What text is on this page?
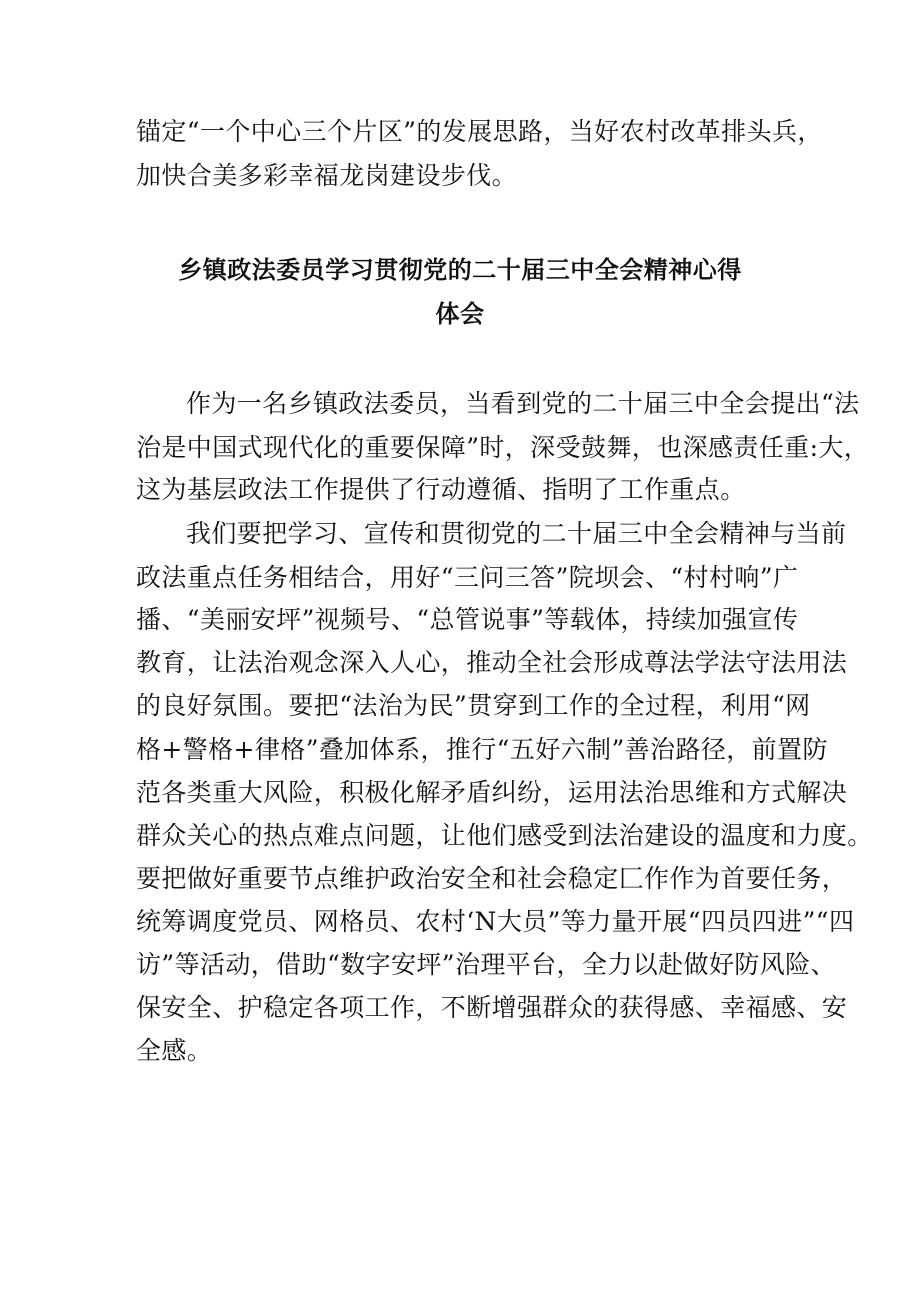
锚定“一个中心三个片区”的发展思路，当好农村改革排头兵，
加快合美多彩幸福龙岗建设步伐。
乡镇政法委员学习贯彻党的二十届三中全会精神心得
体会
作为一名乡镇政法委员，当看到党的二十届三中全会提出“法
治是中国式现代化的重要保障”时，深受鼓舞，也深感责任重:大，
这为基层政法工作提供了行动遵循、指明了工作重点。
我们要把学习、宣传和贯彻党的二十届三中全会精神与当前
政法重点任务相结合，用好“三问三答”院坝会、“村村响”广
播、“美丽安坪”视频号、“总管说事”等载体，持续加强宣传
教育，让法治观念深入人心，推动全社会形成尊法学法守法用法
的良好氛围。要把“法治为民”贯穿到工作的全过程，利用“网
格+警格+律格”叠加体系，推行“五好六制”善治路径，前置防
范各类重大风险，积极化解矛盾纠纷，运用法治思维和方式解决
群众关心的热点难点问题，让他们感受到法治建设的温度和力度。
要把做好重要节点维护政治安全和社会稳定匚作作为首要任务，
统筹调度党员、网格员、农村‘N大员”等力量开展“四员四进”“四
访”等活动，借助“数字安坪”治理平台，全力以赴做好防风险、
保安全、护稳定各项工作，不断增强群众的获得感、幸福感、安
全感。
